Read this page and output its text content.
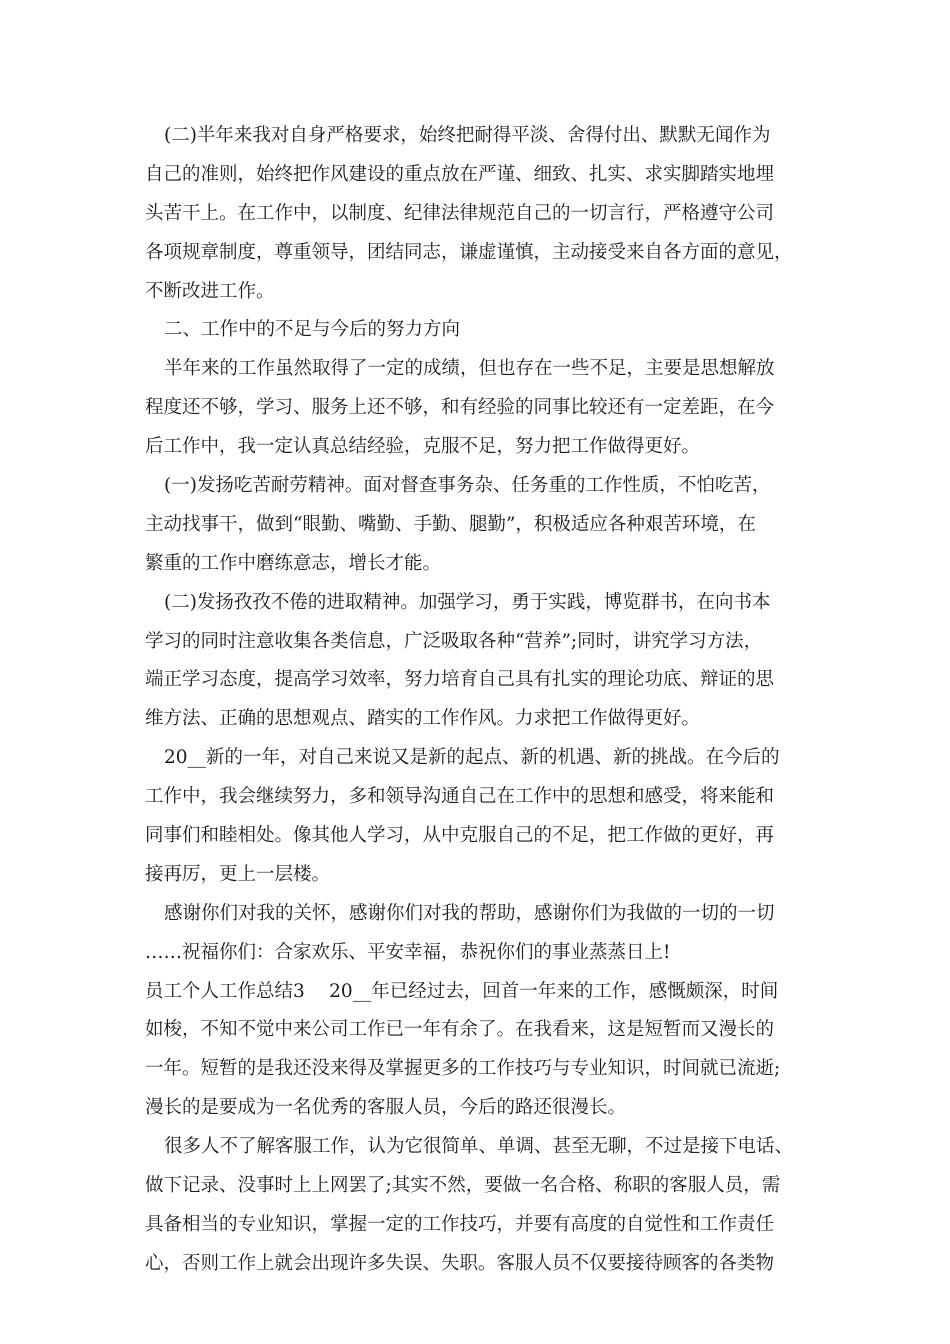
(二)半年来我对自身严格要求，始终把耐得平淡、舍得付出、默默无闻作为
自己的准则，始终把作风建设的重点放在严谨、细致、扎实、求实脚踏实地埋
头苦干上。在工作中，以制度、纪律法律规范自己的一切言行，严格遵守公司
各项规章制度，尊重领导，团结同志，谦虚谨慎，主动接受来自各方面的意见，
不断改进工作。
二、工作中的不足与今后的努力方向
半年来的工作虽然取得了一定的成绩，但也存在一些不足，主要是思想解放
程度还不够，学习、服务上还不够，和有经验的同事比较还有一定差距，在今
后工作中，我一定认真总结经验，克服不足，努力把工作做得更好。
(一)发扬吃苦耐劳精神。面对督查事务杂、任务重的工作性质，不怕吃苦，
主动找事干，做到“眼勤、嘴勤、手勤、腿勤”，积极适应各种艰苦环境，在
繁重的工作中磨练意志，增长才能。
(二)发扬孜孜不倦的进取精神。加强学习，勇于实践，博览群书，在向书本
学习的同时注意收集各类信息，广泛吸取各种“营养”;同时，讲究学习方法，
端正学习态度，提高学习效率，努力培育自己具有扎实的理论功底、辩证的思
维方法、正确的思想观点、踏实的工作作风。力求把工作做得更好。
20__新的一年，对自己来说又是新的起点、新的机遇、新的挑战。在今后的
工作中，我会继续努力，多和领导沟通自己在工作中的思想和感受，将来能和
同事们和睦相处。像其他人学习，从中克服自己的不足，把工作做的更好，再
接再厉，更上一层楼。
感谢你们对我的关怀，感谢你们对我的帮助，感谢你们为我做的一切的一切
……祝福你们：合家欢乐、平安幸福，恭祝你们的事业蒸蒸日上!
员工个人工作总结3　 20__年已经过去，回首一年来的工作，感慨颇深，时间
如梭，不知不觉中来公司工作已一年有余了。在我看来，这是短暂而又漫长的
一年。短暂的是我还没来得及掌握更多的工作技巧与专业知识，时间就已流逝;
漫长的是要成为一名优秀的客服人员，今后的路还很漫长。
很多人不了解客服工作，认为它很简单、单调、甚至无聊，不过是接下电话、
做下记录、没事时上上网罢了;其实不然，要做一名合格、称职的客服人员，需
具备相当的专业知识，掌握一定的工作技巧，并要有高度的自觉性和工作责任
心，否则工作上就会出现许多失误、失职。客服人员不仅要接待顾客的各类物
